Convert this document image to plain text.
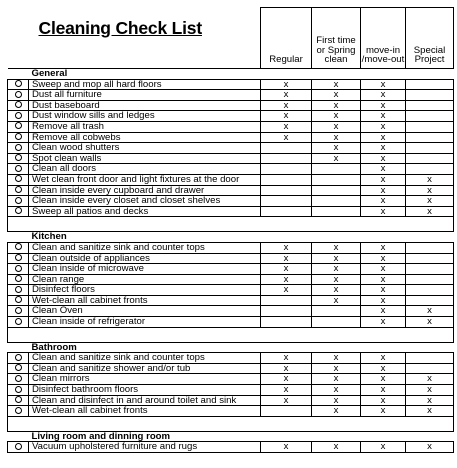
Cleaning Check List		Regular	First time or Spring clean	move-in /move-out	Special Project
	General				
	Sweep and mop all hard floors	x	x	x	
	Dust all furniture	x	x	x	
	Dust baseboard	x	x	x	
	Dust window sills and ledges	x	x	x	
	Remove all trash	x	x	x	
	Remove all cobwebs	x	x	x	
	Clean wood shutters		x	x	
	Spot clean walls		x	x	
	Clean all doors			x	
	Wet clean front door and light fixtures at the door			x	x
	Clean inside every cupboard and drawer			x	x
	Clean inside every closet and closet shelves			x	x
	Sweep all patios and decks			x	x

	Kitchen				
	Clean and sanitize sink and counter tops	x	x	x	
	Clean outside of appliances	x	x	x	
	Clean inside of microwave	x	x	x	
	Clean range	x	x	x	
	Disinfect floors	x	x	x	
	Wet-clean all cabinet fronts		x	x	
	Clean Oven			x	x
	Clean inside of refrigerator			x	x

	Bathroom				
	Clean and sanitize sink and counter tops	x	x	x	
	Clean and sanitize shower and/or tub	x	x	x	
	Clean mirrors	x	x	x	x
	Disinfect bathroom floors	x	x	x	x
	Clean and disinfect in and around toilet and sink	x	x	x	x
	Wet-clean all cabinet fronts		x	x	x

	Living room and dinning room				
	Vacuum upholstered furniture and rugs	x	x	x	x
